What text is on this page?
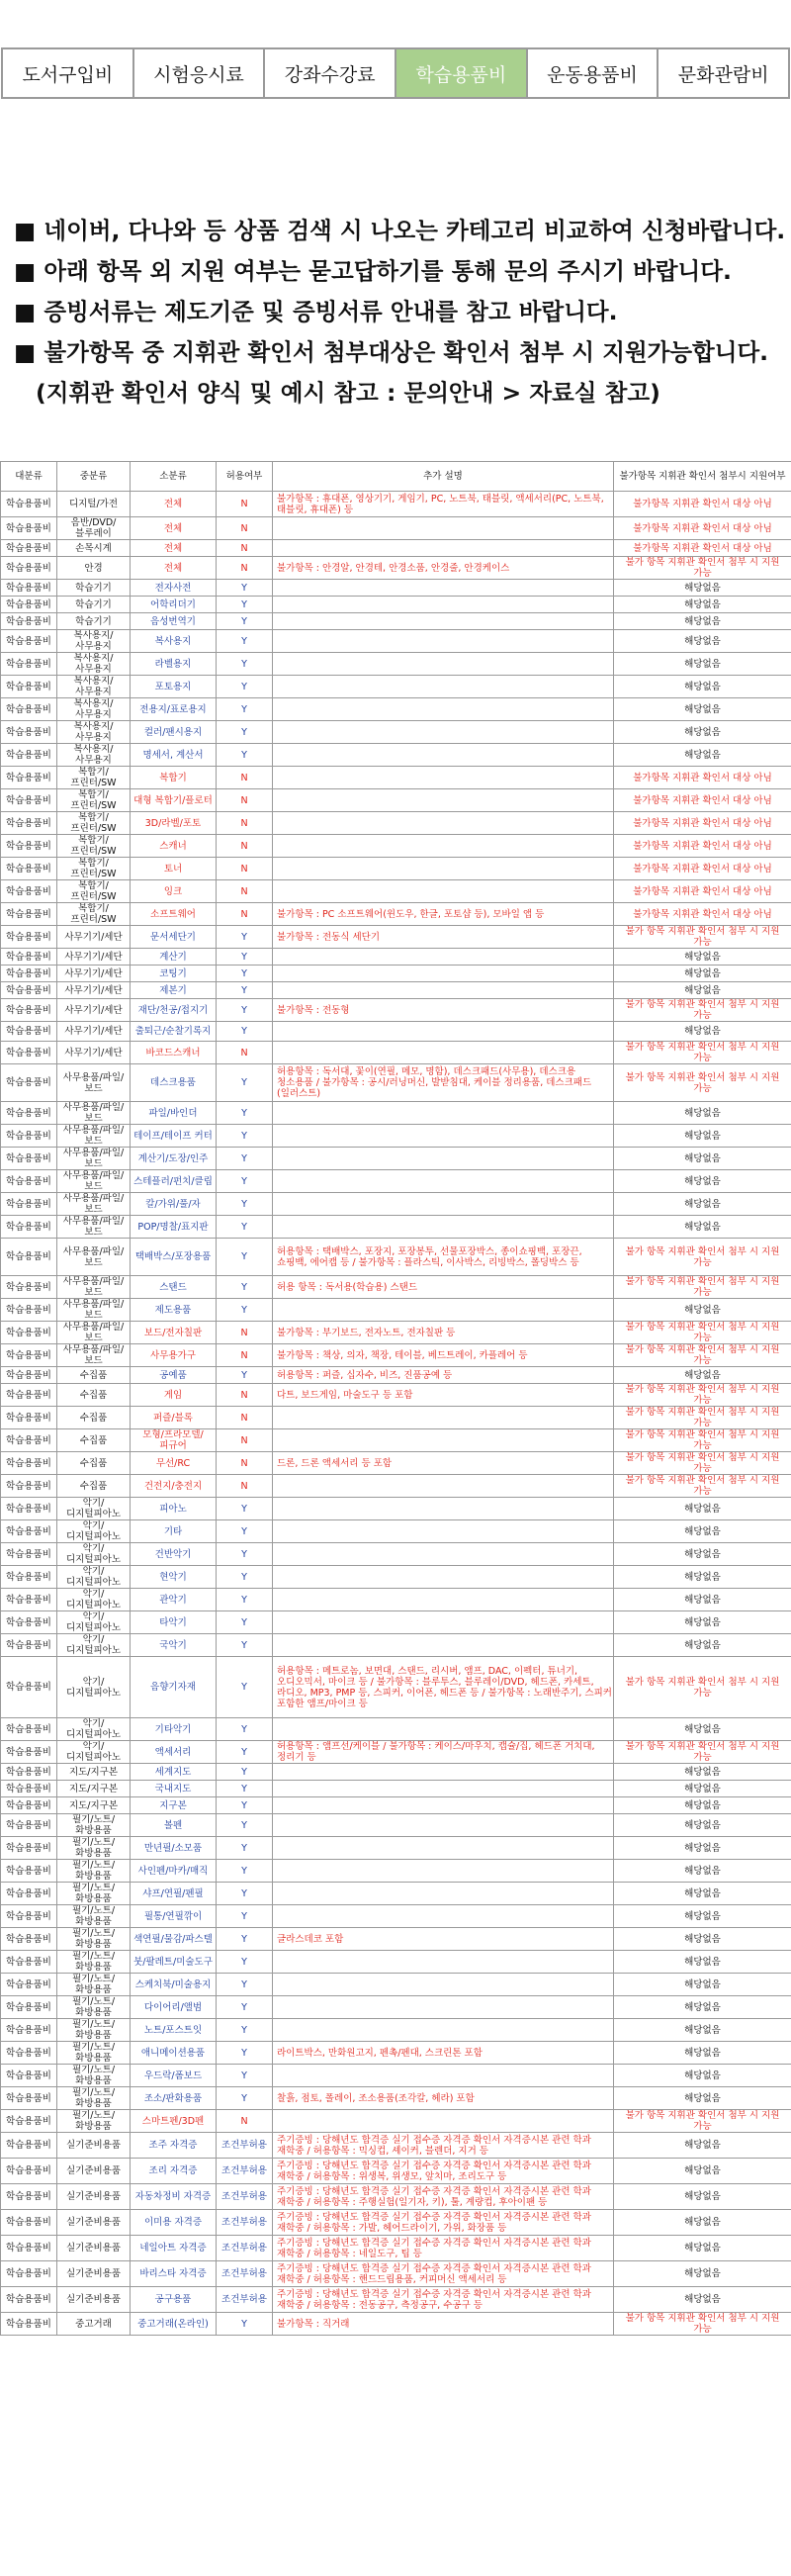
도서구입비	시험응시료	강좌수강료	학습용품비	운동용품비	문화관람비
■ 네이버, 다나와 등 상품 검색 시 나오는 카테고리 비교하여 신청바랍니다.
■ 아래 항목 외 지원 여부는 묻고답하기를 통해 문의 주시기 바랍니다.
■ 증빙서류는 제도기준 및 증빙서류 안내를 참고 바랍니다.
■ 불가항목 중 지휘관 확인서 첨부대상은 확인서 첨부 시 지원가능합니다.
(지휘관 확인서 양식 및 예시 참고 : 문의안내 > 자료실 참고)
대분류	중분류	소분류	허용여부	추가 설명	불가항목 지휘관 확인서 첨부시 지원여부
학습용품비	디지털/가전	전체	N	불가항목 : 휴대폰, 영상기기, 게임기, PC, 노트북, 태블릿, 액세서리(PC, 노트북, 태블릿, 휴대폰) 등	불가항목 지휘관 확인서 대상 아님
학습용품비	음반/DVD/블루레이	전체	N		불가항목 지휘관 확인서 대상 아님
학습용품비	손목시계	전체	N		불가항목 지휘관 확인서 대상 아님
학습용품비	안경	전체	N	불가항목 : 안경알, 안경테, 안경소품, 안경줄, 안경케이스	불가 항목 지휘관 확인서 첨부 시 지원 가능
학습용품비	학습기기	전자사전	Y		해당없음
학습용품비	학습기기	어학리더기	Y		해당없음
학습용품비	학습기기	음성번역기	Y		해당없음
학습용품비	복사용지/사무용지	복사용지	Y		해당없음
학습용품비	복사용지/사무용지	라벨용지	Y		해당없음
학습용품비	복사용지/사무용지	포토용지	Y		해당없음
학습용품비	복사용지/사무용지	전용지/표로용지	Y		해당없음
학습용품비	복사용지/사무용지	컬러/팬시용지	Y		해당없음
학습용품비	복사용지/사무용지	명세서, 계산서	Y		해당없음
학습용품비	복합기/프린터/SW	복합기	N		불가항목 지휘관 확인서 대상 아님
학습용품비	복합기/프린터/SW	대형 복합기/플로터	N		불가항목 지휘관 확인서 대상 아님
학습용품비	복합기/프린터/SW	3D/라벨/포토	N		불가항목 지휘관 확인서 대상 아님
학습용품비	복합기/프린터/SW	스캐너	N		불가항목 지휘관 확인서 대상 아님
학습용품비	복합기/프린터/SW	토너	N		불가항목 지휘관 확인서 대상 아님
학습용품비	복합기/프린터/SW	잉크	N		불가항목 지휘관 확인서 대상 아님
학습용품비	복합기/프린터/SW	소프트웨어	N	불가항목 : PC 소프트웨어(윈도우, 한글, 포토샵 등), 모바일 앱 등	불가항목 지휘관 확인서 대상 아님
학습용품비	사무기기/세단	문서세단기	Y	불가항목 : 전동식 세단기	불가 항목 지휘관 확인서 첨부 시 지원 가능
학습용품비	사무기기/세단	계산기	Y		해당없음
학습용품비	사무기기/세단	코팅기	Y		해당없음
학습용품비	사무기기/세단	제본기	Y		해당없음
학습용품비	사무기기/세단	재단/천공/접지기	Y	불가항목 : 전동형	불가 항목 지휘관 확인서 첨부 시 지원 가능
학습용품비	사무기기/세단	출퇴근/순찰기록지	Y		해당없음
학습용품비	사무기기/세단	바코드스캐너	N		불가 항목 지휘관 확인서 첨부 시 지원 가능
학습용품비	사무용품/파일/보드	데스크용품	Y	허용항목 : 독서대, 꽃이(연필, 메모, 명함), 데스크패드(사무용), 데스크용 청소용품 / 불가항목 : 공시/러닝머신, 발받침대, 케이블 정리용품, 데스크패드(일러스트)	불가 항목 지휘관 확인서 첨부 시 지원 가능
학습용품비	사무용품/파일/보드	파일/바인더	Y		해당없음
학습용품비	사무용품/파일/보드	테이프/테이프 커터	Y		해당없음
학습용품비	사무용품/파일/보드	계산기/도장/인주	Y		해당없음
학습용품비	사무용품/파일/보드	스테플러/펀치/클립	Y		해당없음
학습용품비	사무용품/파일/보드	칼/가위/풀/자	Y		해당없음
학습용품비	사무용품/파일/보드	POP/명찰/표지판	Y		해당없음
학습용품비	사무용품/파일/보드	택배박스/포장용품	Y	허용항목 : 택배박스, 포장지, 포장봉투, 선물포장박스, 종이쇼핑백, 포장끈, 쇼핑백, 에어캡 등 / 불가항목 : 플라스틱, 이사박스, 리빙박스, 폴딩박스 등	불가 항목 지휘관 확인서 첨부 시 지원 가능
학습용품비	사무용품/파일/보드	스탠드	Y	허용 항목 : 독서용(학습용) 스탠드	불가 항목 지휘관 확인서 첨부 시 지원 가능
학습용품비	사무용품/파일/보드	제도용품	Y		해당없음
학습용품비	사무용품/파일/보드	보드/전자칠판	N	불가항목 : 부기보드, 전자노트, 전자칠판 등	불가 항목 지휘관 확인서 첨부 시 지원 가능
학습용품비	사무용품/파일/보드	사무용가구	N	불가항목 : 책상, 의자, 책장, 테이블, 베드트레이, 카플레어 등	불가 항목 지휘관 확인서 첨부 시 지원 가능
학습용품비	수집품	공예품	Y	허용항목 : 퍼즐, 십자수, 비즈, 진품공예 등	해당없음
학습용품비	수집품	게임	N	다트, 보드게임, 마술도구 등 포함	불가 항목 지휘관 확인서 첨부 시 지원 가능
학습용품비	수집품	퍼즐/블록	N		불가 항목 지휘관 확인서 첨부 시 지원 가능
학습용품비	수집품	모형/프라모델/피규어	N		불가 항목 지휘관 확인서 첨부 시 지원 가능
학습용품비	수집품	무선/RC	N	드론, 드론 액세서리 등 포함	불가 항목 지휘관 확인서 첨부 시 지원 가능
학습용품비	수집품	건전지/충전지	N		불가 항목 지휘관 확인서 첨부 시 지원 가능
학습용품비	악기/디지털피아노	피아노	Y		해당없음
학습용품비	악기/디지털피아노	기타	Y		해당없음
학습용품비	악기/디지털피아노	건반악기	Y		해당없음
학습용품비	악기/디지털피아노	현악기	Y		해당없음
학습용품비	악기/디지털피아노	관악기	Y		해당없음
학습용품비	악기/디지털피아노	타악기	Y		해당없음
학습용품비	악기/디지털피아노	국악기	Y		해당없음
학습용품비	악기/디지털피아노	음향기자재	Y	허용항목 : 메트로놈, 보면대, 스탠드, 리시버, 앰프, DAC, 이펙터, 튜너기, 오디오믹서, 마이크 등 / 불가항목 : 블루투스, 블루레이/DVD, 헤드폰, 카세트, 라디오, MP3, PMP 등, 스피커, 이어폰, 헤드폰 등 / 불가항목 : 노래반주기, 스피커 포함한 앰프/마이크 등	불가 항목 지휘관 확인서 첨부 시 지원 가능
학습용품비	악기/디지털피아노	기타악기	Y		해당없음
학습용품비	악기/디지털피아노	액세서리	Y	허용항목 : 앰프선/케이블 / 불가항목 : 케이스/마우치, 캡슐/집, 헤드폰 거치대, 정리기 등	불가 항목 지휘관 확인서 첨부 시 지원 가능
학습용품비	지도/지구본	세계지도	Y		해당없음
학습용품비	지도/지구본	국내지도	Y		해당없음
학습용품비	지도/지구본	지구본	Y		해당없음
학습용품비	필기/노트/화방용품	볼펜	Y		해당없음
학습용품비	필기/노트/화방용품	만년필/소모품	Y		해당없음
학습용품비	필기/노트/화방용품	사인펜/마카/매직	Y		해당없음
학습용품비	필기/노트/화방용품	샤프/연필/펜필	Y		해당없음
학습용품비	필기/노트/화방용품	필통/연필깎이	Y		해당없음
학습용품비	필기/노트/화방용품	색연필/물감/파스텔	Y	글라스데코 포함	해당없음
학습용품비	필기/노트/화방용품	붓/팔레트/미술도구	Y		해당없음
학습용품비	필기/노트/화방용품	스케치북/미술용지	Y		해당없음
학습용품비	필기/노트/화방용품	다이어리/앨범	Y		해당없음
학습용품비	필기/노트/화방용품	노트/포스트잇	Y		해당없음
학습용품비	필기/노트/화방용품	애니메이션용품	Y	라이트박스, 만화원고지, 펜촉/펜대, 스크린톤 포함	해당없음
학습용품비	필기/노트/화방용품	우드락/폼보드	Y		해당없음
학습용품비	필기/노트/화방용품	조소/판화용품	Y	찰흙, 점토, 폴레이, 조소용품(조각칼, 헤라) 포함	해당없음
학습용품비	필기/노트/화방용품	스마트펜/3D펜	N		불가 항목 지휘관 확인서 첨부 시 지원 가능
학습용품비	실기준비용품	조주 자격증	조건부허용	주기증빙 : 당해년도 합격증 실기 접수증 자격증 확인서 자격증시본 관련 학과 재학중 / 허용항목 : 믹싱컵, 셰이커, 블렌더, 지거 등	해당없음
학습용품비	실기준비용품	조리 자격증	조건부허용	주기증빙 : 당해년도 합격증 실기 접수증 자격증 확인서 자격증시본 관련 학과 재학중 / 허용항목 : 위생복, 위생모, 앞치마, 조리도구 등	해당없음
학습용품비	실기준비용품	자동차정비 자격증	조건부허용	주기증빙 : 당해년도 합격증 실기 접수증 자격증 확인서 자격증시본 관련 학과 재학중 / 허용항목 : 주행실험(일기자, 키), 툴, 계량컵, 후아이팬 등	해당없음
학습용품비	실기준비용품	이미용 자격증	조건부허용	주기증빙 : 당해년도 합격증 실기 접수증 자격증 확인서 자격증시본 관련 학과 재학중 / 허용항목 : 가발, 헤어드라이기, 가위, 화장품 등	해당없음
학습용품비	실기준비용품	네일아트 자격증	조건부허용	주기증빙 : 당해년도 합격증 실기 접수증 자격증 확인서 자격증시본 관련 학과 재학중 / 허용항목 : 네일도구, 팁 등	해당없음
학습용품비	실기준비용품	바리스타 자격증	조건부허용	주기증빙 : 당해년도 합격증 실기 접수증 자격증 확인서 자격증시본 관련 학과 재학중 / 허용항목 : 핸드드립용품, 커피머신 액세서리 등	해당없음
학습용품비	실기준비용품	공구용품	조건부허용	주기증빙 : 당해년도 합격증 실기 접수증 자격증 확인서 자격증시본 관련 학과 재학중 / 허용항목 : 전동공구, 측정공구, 수공구 등	해당없음
학습용품비	중고거래	중고거래(온라인)	Y	불가항목 : 직거래	불가 항목 지휘관 확인서 첨부 시 지원 가능
